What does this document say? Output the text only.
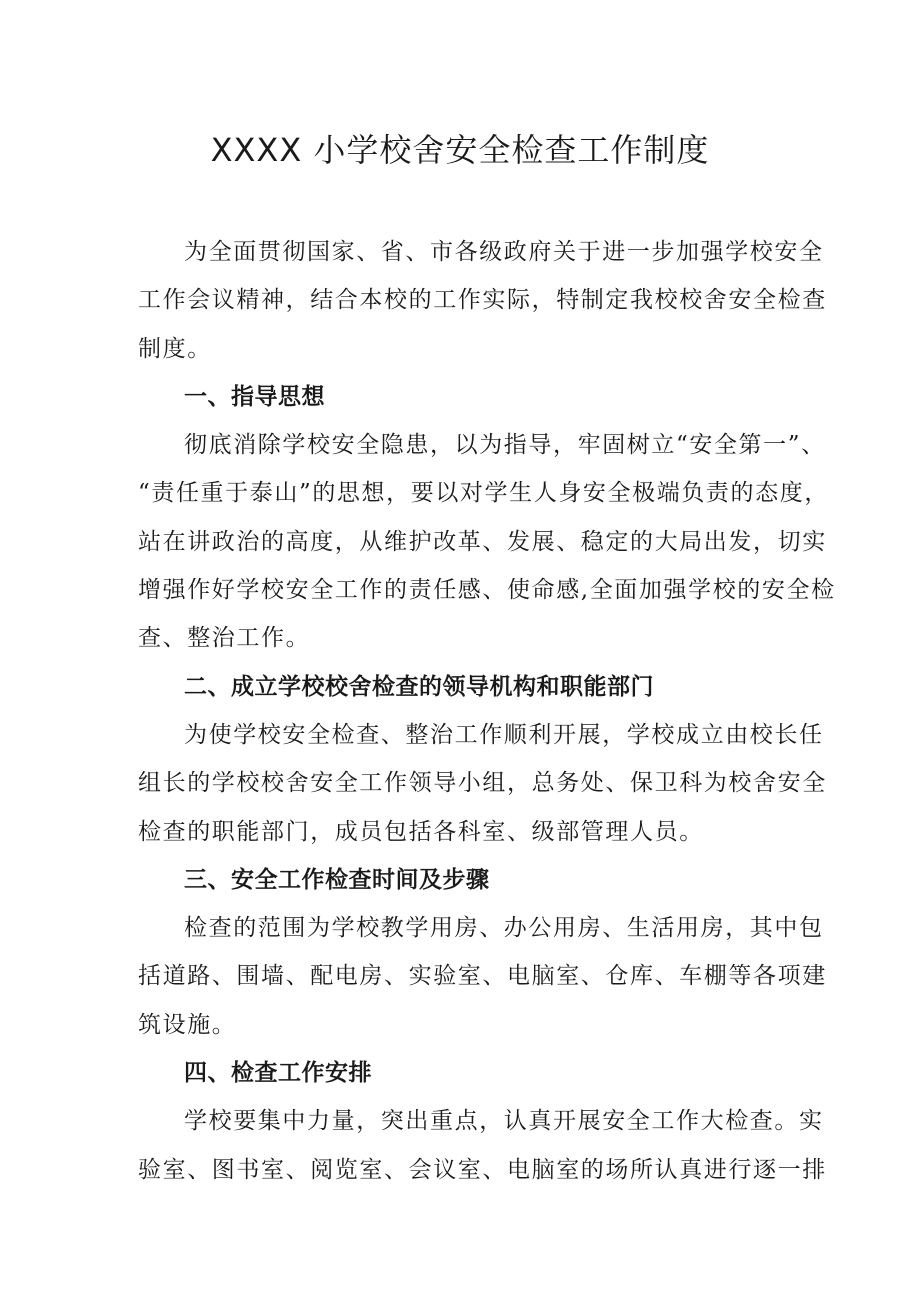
XXXX 小学校舍安全检查工作制度

为全面贯彻国家、省、市各级政府关于进一步加强学校安全
工作会议精神，结合本校的工作实际，特制定我校校舍安全检查
制度。

一、指导思想

彻底消除学校安全隐患，以为指导，牢固树立“安全第一”、
“责任重于泰山”的思想，要以对学生人身安全极端负责的态度，
站在讲政治的高度，从维护改革、发展、稳定的大局出发，切实
增强作好学校安全工作的责任感、使命感,全面加强学校的安全检
查、整治工作。

二、成立学校校舍检查的领导机构和职能部门

为使学校安全检查、整治工作顺利开展，学校成立由校长任
组长的学校校舍安全工作领导小组，总务处、保卫科为校舍安全
检查的职能部门，成员包括各科室、级部管理人员。

三、安全工作检查时间及步骤

检查的范围为学校教学用房、办公用房、生活用房，其中包
括道路、围墙、配电房、实验室、电脑室、仓库、车棚等各项建
筑设施。

四、检查工作安排

学校要集中力量，突出重点，认真开展安全工作大检查。实
验室、图书室、阅览室、会议室、电脑室的场所认真进行逐一排
